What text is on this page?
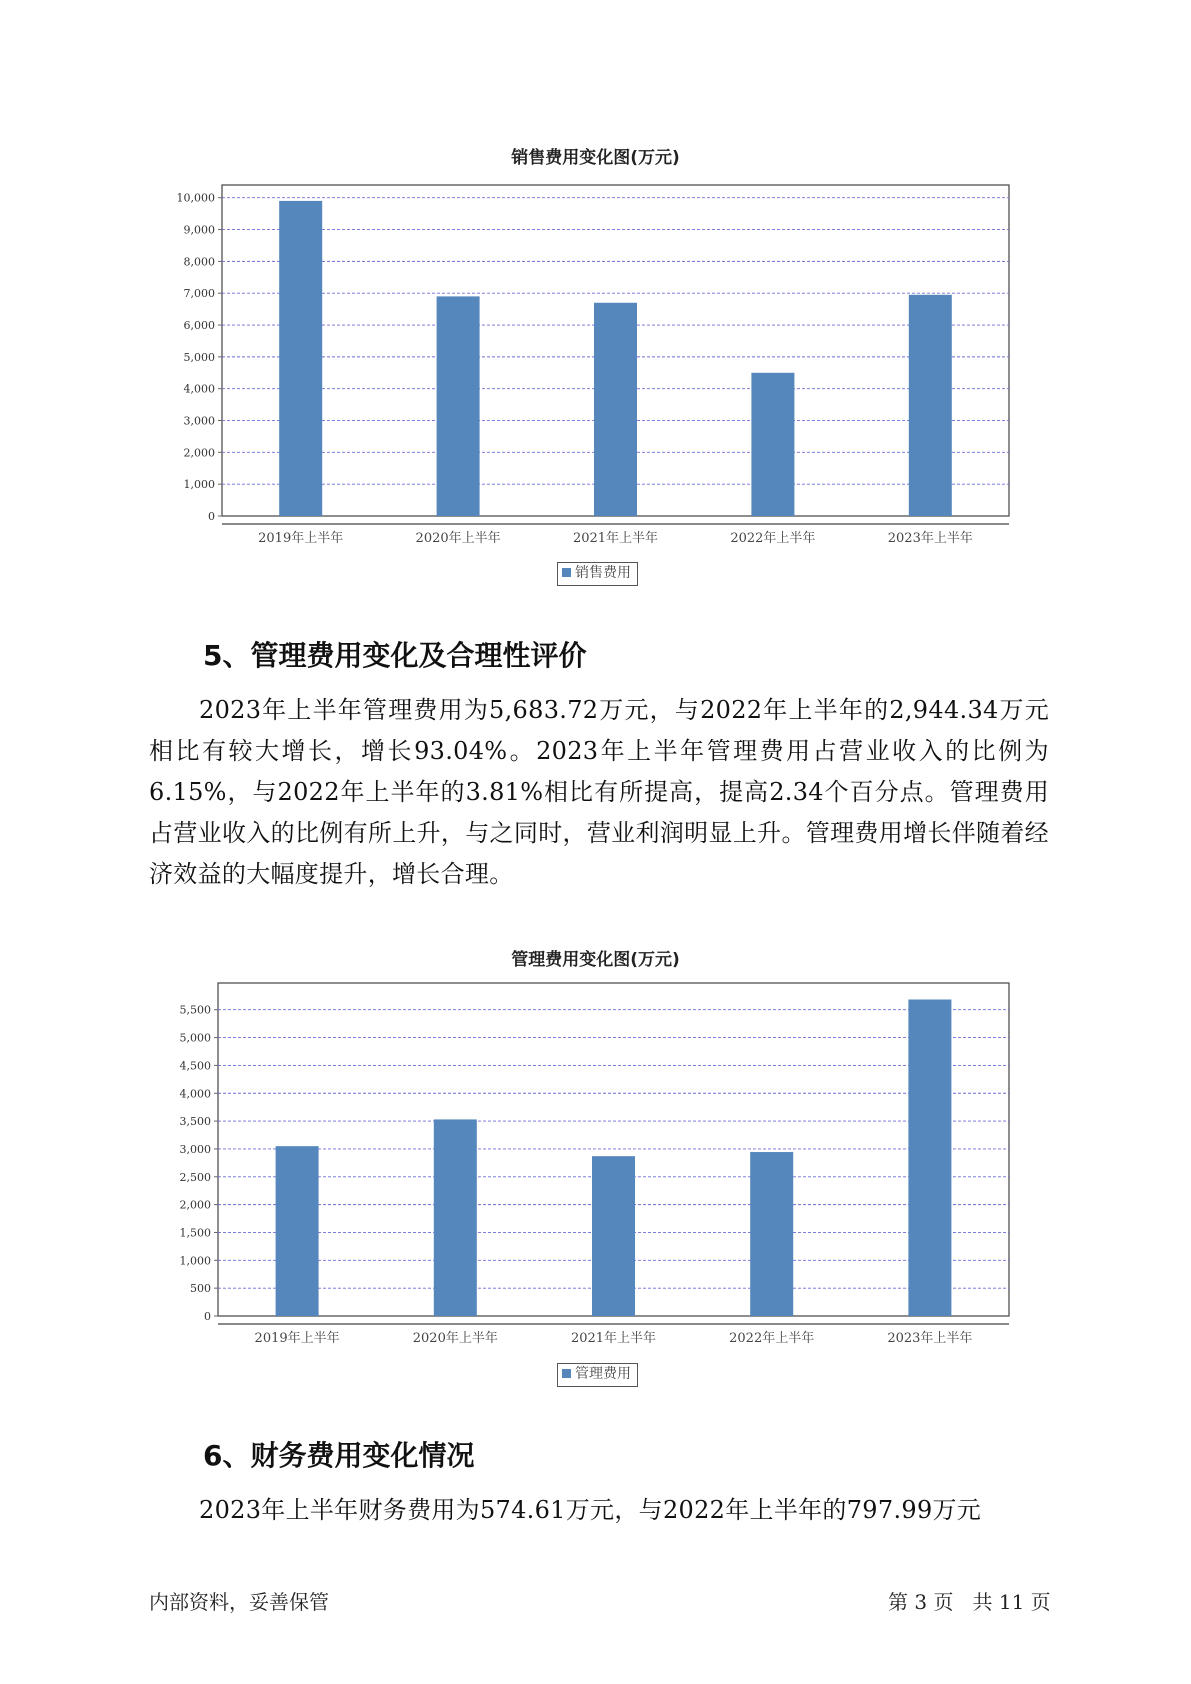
销售费用变化图(万元)
0
1,000
2,000
3,000
4,000
5,000
6,000
7,000
8,000
9,000
10,000
2019年上半年	2020年上半年	2021年上半年	2022年上半年	2023年上半年
销售费用
5、管理费用变化及合理性评价

2023年上半年管理费用为5,683.72万元，与2022年上半年的2,944.34万元相比有较大增长，增长93.04%。2023年上半年管理费用占营业收入的比例为6.15%，与2022年上半年的3.81%相比有所提高，提高2.34个百分点。管理费用占营业收入的比例有所上升，与之同时，营业利润明显上升。管理费用增长伴随着经济效益的大幅度提升，增长合理。

管理费用变化图(万元)
0
500
1,000
1,500
2,000
2,500
3,000
3,500
4,000
4,500
5,000
5,500
2019年上半年	2020年上半年	2021年上半年	2022年上半年	2023年上半年
管理费用
6、财务费用变化情况

2023年上半年财务费用为574.61万元，与2022年上半年的797.99万元

内部资料，妥善保管	第 3 页   共 11 页
